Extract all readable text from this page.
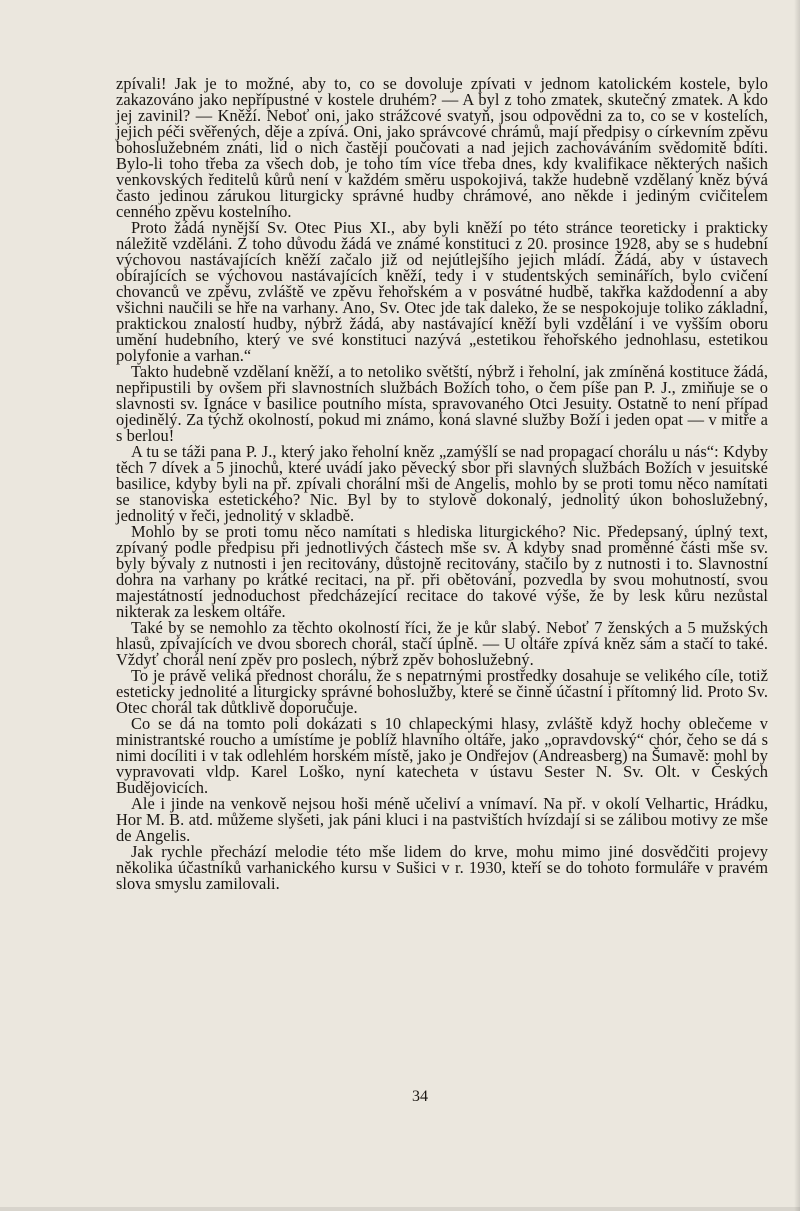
zpívali! Jak je to možné, aby to, co se dovoluje zpívati v jednom katolickém kostele, bylo zakazováno jako nepřípustné v kostele druhém? — A byl z toho zmatek, skutečný zmatek. A kdo jej zavinil? — Kněží. Neboť oni, jako strážcové svatyň, jsou odpovědni za to, co se v kostelích, jejich péči svěřených, děje a zpívá. Oni, jako správcové chrámů, mají předpisy o církevním zpěvu bohoslužebném znáti, lid o nich častěji poučovati a nad jejich zachováváním svědomitě bdíti. Bylo-li toho třeba za všech dob, je toho tím více třeba dnes, kdy kvalifikace některých našich venkovských ředitelů kůrů není v každém směru uspokojivá, takže hudebně vzdělaný kněz bývá často jedinou zárukou liturgicky správné hudby chrámové, ano někde i jediným cvičitelem cenného zpěvu kostelního.

Proto žádá nynější Sv. Otec Pius XI., aby byli kněží po této stránce teoreticky i prakticky náležitě vzděláni. Z toho důvodu žádá ve známé konstituci z 20. prosince 1928, aby se s hudební výchovou nastávajících kněží začalo již od nejútlejšího jejich mládí. Žádá, aby v ústavech obírajících se výchovou nastávajících kněží, tedy i v studentských seminářích, bylo cvičení chovanců ve zpěvu, zvláště ve zpěvu řehořském a v posvátné hudbě, takřka každodenní a aby všichni naučili se hře na varhany. Ano, Sv. Otec jde tak daleko, že se nespokojuje toliko základní, praktickou znalostí hudby, nýbrž žádá, aby nastávající kněží byli vzdělání i ve vyšším oboru umění hudebního, který ve své konstituci nazývá „estetikou řehořského jednohlasu, estetikou polyfonie a varhan.“

Takto hudebně vzdělaní kněží, a to netoliko světští, nýbrž i řeholní, jak zmíněná kostituce žádá, nepřipustili by ovšem při slavnostních službách Božích toho, o čem píše pan P. J., zmiňuje se o slavnosti sv. Ignáce v basilice poutního místa, spravovaného Otci Jesuity. Ostatně to není případ ojedinělý. Za týchž okolností, pokud mi známo, koná slavné služby Boží i jeden opat — v mitře a s berlou!

A tu se táži pana P. J., který jako řeholní kněz „zamýšlí se nad propagací chorálu u nás“: Kdyby těch 7 dívek a 5 jinochů, které uvádí jako pěvecký sbor při slavných službách Božích v jesuitské basilice, kdyby byli na př. zpívali chorální mši de Angelis, mohlo by se proti tomu něco namítati se stanoviska estetického? Nic. Byl by to stylově dokonalý, jednolitý úkon bohoslužebný, jednolitý v řeči, jednolitý v skladbě.

Mohlo by se proti tomu něco namítati s hlediska liturgického? Nic. Předepsaný, úplný text, zpívaný podle předpisu při jednotlivých částech mše sv. A kdyby snad proměnné části mše sv. byly bývaly z nutnosti i jen recitovány, důstojně recitovány, stačilo by z nutnosti i to. Slavnostní dohra na varhany po krátké recitaci, na př. při obětování, pozvedla by svou mohutností, svou majestátností jednoduchost předcházející recitace do takové výše, že by lesk kůru nezůstal nikterak za leskem oltáře.

Také by se nemohlo za těchto okolností říci, že je kůr slabý. Neboť 7 ženských a 5 mužských hlasů, zpívajících ve dvou sborech chorál, stačí úplně. — U oltáře zpívá kněz sám a stačí to také. Vždyť chorál není zpěv pro poslech, nýbrž zpěv bohoslužebný.

To je právě veliká přednost chorálu, že s nepatrnými prostředky dosahuje se velikého cíle, totiž esteticky jednolité a liturgicky správné bohoslužby, které se činně účastní i přítomný lid. Proto Sv. Otec chorál tak důtklivě doporučuje.

Co se dá na tomto poli dokázati s 10 chlapeckými hlasy, zvláště když hochy oblečeme v ministrantské roucho a umístíme je poblíž hlavního oltáře, jako „opravdovský“ chór, čeho se dá s nimi docíliti i v tak odlehlém horském místě, jako je Ondřejov (Andreasberg) na Šumavě: mohl by vypravovati vldp. Karel Loško, nyní katecheta v ústavu Sester N. Sv. Olt. v Českých Budějovicích.

Ale i jinde na venkově nejsou hoši méně učeliví a vnímaví. Na př. v okolí Velhartic, Hrádku, Hor M. B. atd. můžeme slyšeti, jak páni kluci i na pastvištích hvízdají si se zálibou motivy ze mše de Angelis.

Jak rychle přechází melodie této mše lidem do krve, mohu mimo jiné dosvědčiti projevy několika účastníků varhanického kursu v Sušici v r. 1930, kteří se do tohoto formuláře v pravém slova smyslu zamilovali.

34
